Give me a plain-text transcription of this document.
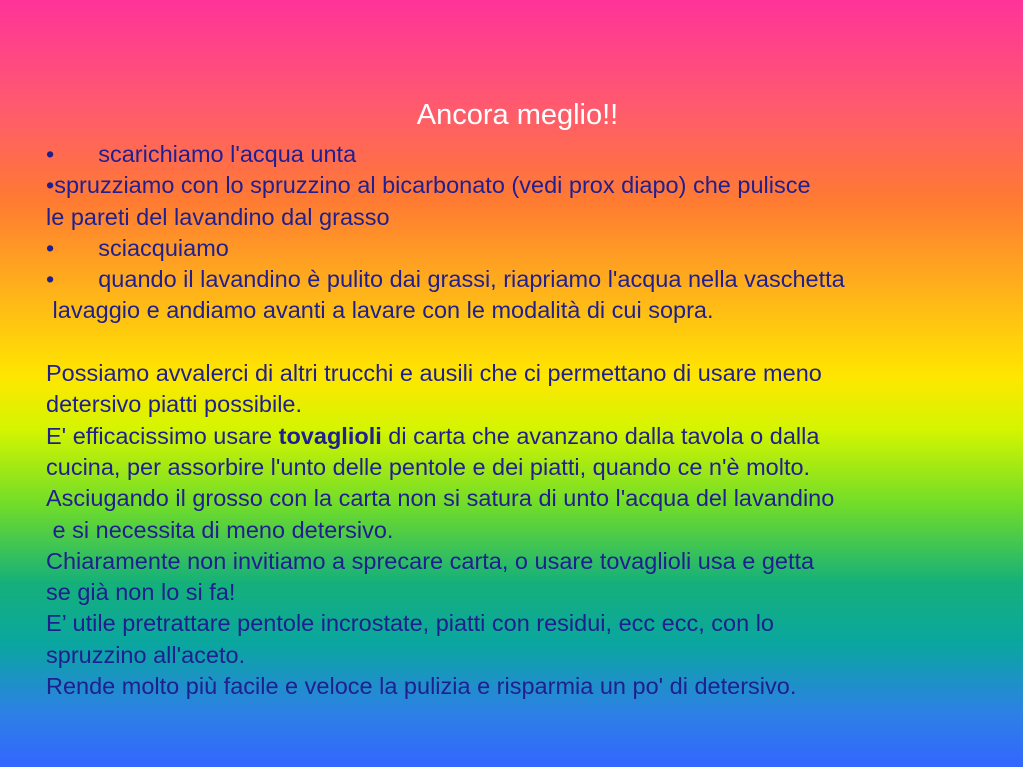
Ancora meglio!!
• scarichiamo l'acqua unta
•spruzziamo con lo spruzzino al bicarbonato (vedi prox diapo) che pulisce
le pareti del lavandino dal grasso
• sciacquiamo
• quando il lavandino è pulito dai grassi, riapriamo l'acqua nella vaschetta
lavaggio e andiamo avanti a lavare con le modalità di cui sopra.
Possiamo avvalerci di altri trucchi e ausili che ci permettano di usare meno
detersivo piatti possibile.
E' efficacissimo usare tovaglioli di carta che avanzano dalla tavola o dalla
cucina, per assorbire l'unto delle pentole e dei piatti, quando ce n'è molto.
Asciugando il grosso con la carta non si satura di unto l'acqua del lavandino
e si necessita di meno detersivo.
Chiaramente non invitiamo a sprecare carta, o usare tovaglioli usa e getta
se già non lo si fa!
E’ utile pretrattare pentole incrostate, piatti con residui, ecc ecc, con lo
spruzzino all'aceto.
Rende molto più facile e veloce la pulizia e risparmia un po' di detersivo.
